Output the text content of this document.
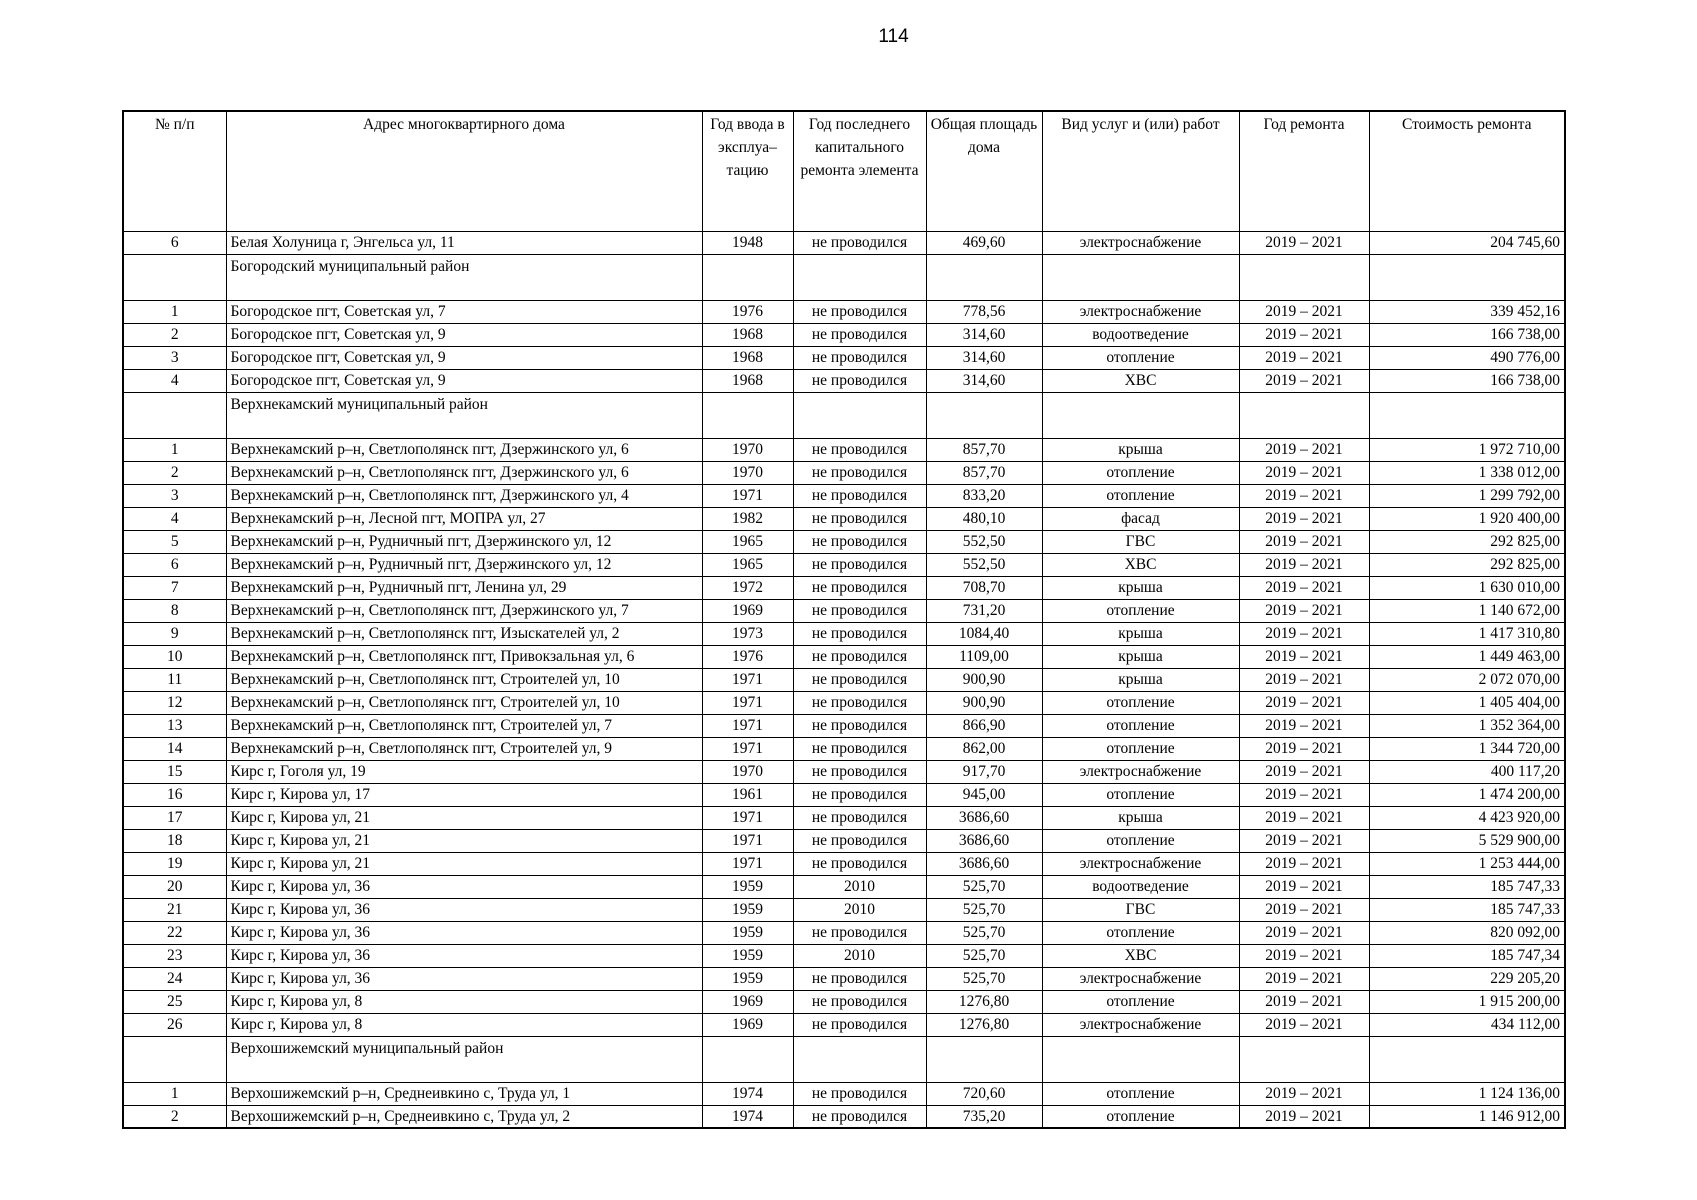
114
№ п/п	Адрес многоквартирного дома	Год ввода в эксплуа–тацию	Год последнего капитального ремонта элемента	Общая площадь дома	Вид услуг и (или) работ	Год ремонта	Стоимость ремонта
6	Белая Холуница г, Энгельса ул, 11	1948	не проводился	469,60	электроснабжение	2019 – 2021	204 745,60
	Богородский муниципальный район						
1	Богородское пгт, Советская ул, 7	1976	не проводился	778,56	электроснабжение	2019 – 2021	339 452,16
2	Богородское пгт, Советская ул, 9	1968	не проводился	314,60	водоотведение	2019 – 2021	166 738,00
3	Богородское пгт, Советская ул, 9	1968	не проводился	314,60	отопление	2019 – 2021	490 776,00
4	Богородское пгт, Советская ул, 9	1968	не проводился	314,60	ХВС	2019 – 2021	166 738,00
	Верхнекамский муниципальный район						
1	Верхнекамский р–н, Светлополянск пгт, Дзержинского ул, 6	1970	не проводился	857,70	крыша	2019 – 2021	1 972 710,00
2	Верхнекамский р–н, Светлополянск пгт, Дзержинского ул, 6	1970	не проводился	857,70	отопление	2019 – 2021	1 338 012,00
3	Верхнекамский р–н, Светлополянск пгт, Дзержинского ул, 4	1971	не проводился	833,20	отопление	2019 – 2021	1 299 792,00
4	Верхнекамский р–н, Лесной пгт, МОПРА ул, 27	1982	не проводился	480,10	фасад	2019 – 2021	1 920 400,00
5	Верхнекамский р–н, Рудничный пгт, Дзержинского ул, 12	1965	не проводился	552,50	ГВС	2019 – 2021	292 825,00
6	Верхнекамский р–н, Рудничный пгт, Дзержинского ул, 12	1965	не проводился	552,50	ХВС	2019 – 2021	292 825,00
7	Верхнекамский р–н, Рудничный пгт, Ленина ул, 29	1972	не проводился	708,70	крыша	2019 – 2021	1 630 010,00
8	Верхнекамский р–н, Светлополянск пгт, Дзержинского ул, 7	1969	не проводился	731,20	отопление	2019 – 2021	1 140 672,00
9	Верхнекамский р–н, Светлополянск пгт, Изыскателей ул, 2	1973	не проводился	1084,40	крыша	2019 – 2021	1 417 310,80
10	Верхнекамский р–н, Светлополянск пгт, Привокзальная ул, 6	1976	не проводился	1109,00	крыша	2019 – 2021	1 449 463,00
11	Верхнекамский р–н, Светлополянск пгт, Строителей ул, 10	1971	не проводился	900,90	крыша	2019 – 2021	2 072 070,00
12	Верхнекамский р–н, Светлополянск пгт, Строителей ул, 10	1971	не проводился	900,90	отопление	2019 – 2021	1 405 404,00
13	Верхнекамский р–н, Светлополянск пгт, Строителей ул, 7	1971	не проводился	866,90	отопление	2019 – 2021	1 352 364,00
14	Верхнекамский р–н, Светлополянск пгт, Строителей ул, 9	1971	не проводился	862,00	отопление	2019 – 2021	1 344 720,00
15	Кирс г, Гоголя ул, 19	1970	не проводился	917,70	электроснабжение	2019 – 2021	400 117,20
16	Кирс г, Кирова ул, 17	1961	не проводился	945,00	отопление	2019 – 2021	1 474 200,00
17	Кирс г, Кирова ул, 21	1971	не проводился	3686,60	крыша	2019 – 2021	4 423 920,00
18	Кирс г, Кирова ул, 21	1971	не проводился	3686,60	отопление	2019 – 2021	5 529 900,00
19	Кирс г, Кирова ул, 21	1971	не проводился	3686,60	электроснабжение	2019 – 2021	1 253 444,00
20	Кирс г, Кирова ул, 36	1959	2010	525,70	водоотведение	2019 – 2021	185 747,33
21	Кирс г, Кирова ул, 36	1959	2010	525,70	ГВС	2019 – 2021	185 747,33
22	Кирс г, Кирова ул, 36	1959	не проводился	525,70	отопление	2019 – 2021	820 092,00
23	Кирс г, Кирова ул, 36	1959	2010	525,70	ХВС	2019 – 2021	185 747,34
24	Кирс г, Кирова ул, 36	1959	не проводился	525,70	электроснабжение	2019 – 2021	229 205,20
25	Кирс г, Кирова ул, 8	1969	не проводился	1276,80	отопление	2019 – 2021	1 915 200,00
26	Кирс г, Кирова ул, 8	1969	не проводился	1276,80	электроснабжение	2019 – 2021	434 112,00
	Верхошижемский муниципальный район						
1	Верхошижемский р–н, Среднеивкино с, Труда ул, 1	1974	не проводился	720,60	отопление	2019 – 2021	1 124 136,00
2	Верхошижемский р–н, Среднеивкино с, Труда ул, 2	1974	не проводился	735,20	отопление	2019 – 2021	1 146 912,00
